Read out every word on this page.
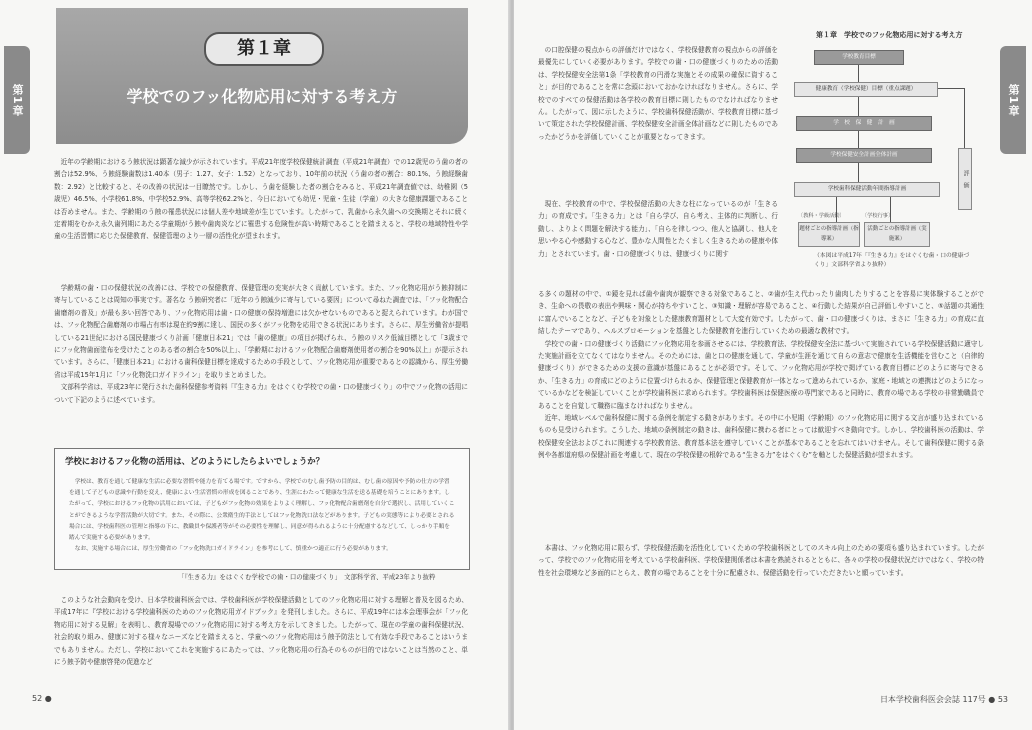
第1章
第１章
学校でのフッ化物応用に対する考え方

近年の学齢期におけるう蝕状況は顕著な減少が示されています。平成21年度学校保健統計調査（平成21年調査）での12歳児のう歯の者の割合は52.9%、う蝕経験歯数は1.40本（男子：1.27、女子：1.52）となっており、10年前の状況（う歯の者の割合：80.1%、う蝕経験歯数：2.92）と比較すると、その改善の状況は一目瞭然です。しかし、う歯を経験した者の割合をみると、平成21年調査値では、幼稚園（5歳児）46.5%、小学校61.8%、中学校52.9%、高等学校62.2%と、今日においても幼児・児童・生徒（学童）の大きな健康課題であることは否めません。また、学齢期のう蝕の罹患状況には個人差や地域差が生じています。したがって、乳歯から永久歯への交換期とそれに続く定着期をむかえ永久歯列期にあたる学童期がう蝕や歯肉炎などに罹患する危険性が高い時期であることを踏まえると、学校の地域特性や学童の生活習慣に応じた保健教育、保健管理のより一層の活性化が望まれます。

学齢期の歯・口の保健状況の改善には、学校での保健教育、保健管理の充実が大きく貢献しています。また、フッ化物応用がう蝕抑制に寄与していることは周知の事実です。著名な う蝕研究者に「近年のう蝕減少に寄与している要因」について尋ねた調査では、「フッ化物配合歯磨剤の普及」が最も多い回答であり、フッ化物応用は歯・口の健康の保持増進には欠かせないものであると捉えられています。わが国では、フッ化物配合歯磨剤の市場占有率は現在約9割に達し、国民の多くがフッ化物を応用できる状況にあります。さらに、厚生労働省が提唱している21世紀における国民健康づくり計画「健康日本21」では「歯の健康」の項目が掲げられ、う蝕のリスク低減目標として「3歳までにフッ化物歯面塗布を受けたことのある者の割合を50%以上」、「学齢期におけるフッ化物配合歯磨剤使用者の割合を90%以上」が提示されています。さらに、「健康日本21」における歯科保健目標を達成するための手段として、フッ化物応用が重要であるとの認識から、厚生労働省は平成15年1月に「フッ化物洗口ガイドライン」を取りまとめました。

文部科学省は、平成23年に発行された歯科保健参考資料「『生きる力』をはぐくむ学校での歯・口の健康づくり」の中でフッ化物の活用について下記のように述べています。

学校におけるフッ化物の活用は、どのようにしたらよいでしょうか？

学校は、教育を通して健康な生活に必要な習慣や能力を育てる場です。ですから、学校でのむし歯予防の目的は、むし歯の原因や予防の仕方の学習を通して子どもの意識や行動を変え、健康によい生活習慣の形成を図ることであり、生涯にわたって健康な生活を送る基礎を培うことにあります。したがって、学校におけるフッ化物の活用においては、子どもがフッ化物の効果をよりよく理解し、フッ化物配合歯磨剤を自分で選択し、活用していくことができるような学習活動が大切です。また、その際に、公衆衛生的手法としてはフッ化物洗口法などがあります。子どもの実態等により必要とされる場合には、学校歯科医の管理と指導の下に、教職員や保護者等がその必要性を理解し、同意が得られるように十分配慮するなどして、しっかり手順を踏んで実施する必要があります。

なお、実施する場合には、厚生労働省の「フッ化物洗口ガイドライン」を参考にして、慎重かつ適正に行う必要があります。

「『生きる力』をはぐくむ学校での歯・口の健康づくり」　文部科学省、平成23年より抜粋

このような社会動向を受け、日本学校歯科医会では、学校歯科医が学校保健活動としてのフッ化物応用に対する理解と普及を図るため、平成17年に『学校における学校歯科医のためのフッ化物応用ガイドブック』を発刊しました。さらに、平成19年には本会理事会が「フッ化物応用に対する見解」を表明し、教育現場でのフッ化物応用に対する考え方を示してきました。したがって、現在の学童の歯科保健状況、社会的取り組み、健康に対する様々なニーズなどを踏まえると、学童へのフッ化物応用はう蝕予防法として有効な手段であることはいうまでもありません。ただし、学校においてこれを実施するにあたっては、フッ化物応用の行為そのものが目的ではないことは当然のこと、単にう蝕予防や健康啓発の促進など

52 ●
第１章　学校でのフッ化物応用に対する考え方
第1章

の口腔保健の視点からの評価だけではなく、学校保健教育の視点からの評価を最優先にしていく必要があります。学校での歯・口の健康づくりのための活動は、学校保健安全法第1条「学校教育の円滑な実施とその成果の確保に資すること」が目的であることを常に念頭においておかなければなりません。さらに、学校でのすべての保健活動は各学校の教育目標に則したものでなければなりません。したがって、図に示したように、学校歯科保健活動が、学校教育目標に基づいて策定された学校保健計画、学校保健安全計画全体計画などに則したものであったかどうかを評価していくことが重要となってきます。

現在、学校教育の中で、学校保健活動の大きな柱になっているのが「生きる力」の育成です。「生きる力」とは「自ら学び、自ら考え、主体的に判断し、行動し、よりよく問題を解決する能力」、「自らを律しつつ、他人と協調し、他人を思いやる心や感動する心など、豊かな人間性とたくましく生きるための健康や体力」とされています。歯・口の健康づくりは、健康づくりに関す

学校教育目標
健康教育（学校保健）目標（重点課題）
学　校　保　健　計　画
学校保健安全計画全体計画
学校歯科保健活動年間指導計画
評　価
〔教科・学級活動〕	〔学校行事〕
題材ごとの指導計画（指導案）
活動ごとの指導計画（実施案）

（本図は平成17年「『生きる力』をはぐくむ歯・口の健康づくり」文部科学省より抜粋）

る多くの題材の中で、①鏡を見れば歯や歯肉が観察できる対象であること、②歯が生え代わったり歯肉したりすることを容易に実体験することができ、生命への畏敬の表出や興味・関心が持ちやすいこと、③知識・理解が容易であること、④行動した結果が自己評価しやすいこと、⑤話題の共通性に富んでいることなど、子どもを対象とした健康教育題材として大変有効です。したがって、歯・口の健康づくりは、まさに「生きる力」の育成に直結したテーマであり、ヘルスプロモーションを基盤とした保健教育を進行していくための最適な教材です。

学校での歯・口の健康づくり活動にフッ化物応用を参画させるには、学校教育法、学校保健安全法に基づいて実施されている学校保健活動に適守した実施計画を立てなくてはなりません。そのためには、歯と口の健康を通して、学童が生涯を通じて自らの意志で健康を生活機能を営むこと（自律的健康づくり）ができるための支援の意識が基盤にあることが必須です。そして、フッ化物応用が学校で掲げている教育目標にどのように寄与できるか、「生きる力」の育成にどのように位置づけられるか、保健管理と保健教育が一体となって進められているか、家庭・地域との連携はどのようになっているかなどを検証していくことが学校歯科医に求められます。学校歯科医は保健医療の専門家であると同時に、教育の場である学校の非常勤職員であることを自覚して職務に臨まなければなりません。

近年、地域レベルで歯科保健に関する条例を制定する動きがあります。その中に小児期（学齢期）のフッ化物応用に関する文言が盛り込まれているものも見受けられます。こうした、地域の条例制定の動きは、歯科保健に携わる者にとっては歓迎すべき動向です。しかし、学校歯科医の活動は、学校保健安全法およびこれに関連する学校教育法、教育基本法を遵守していくことが基本であることを忘れてはいけません。そして歯科保健に関する条例や各都道府県の保健計画を考慮して、現在の学校保健の根幹である“生きる力”をはぐくむ”を軸とした保健活動が望まれます。

本書は、フッ化物応用に限らず、学校保健活動を活性化していくための学校歯科医としてのスキル向上のための要項も盛り込まれています。したがって、学校でのフッ化物応用を考えている学校歯科医、学校保健関係者は本書を熟読されるとともに、各々の学校の保健状況だけではなく、学校の特性を社会環境など多面的にとらえ、教育の場であることを十分に配慮され、保健活動を行っていただきたいと願っています。

日本学校歯科医会会誌 117号 ● 53
